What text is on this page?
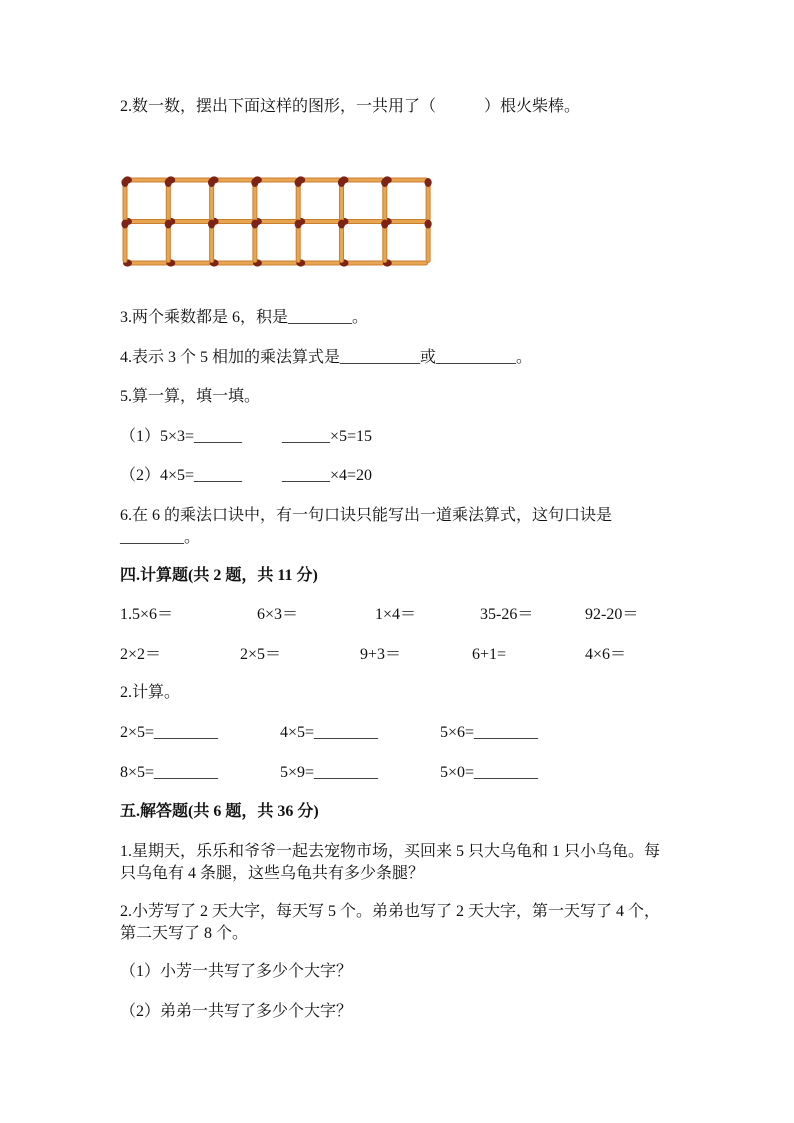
2.数一数，摆出下面这样的图形，一共用了（　　　）根火柴棒。
3.两个乘数都是 6，积是________。
4.表示 3 个 5 相加的乘法算式是__________或__________。
5.算一算，填一填。
（1）5×3=______ ______×5=15
（2）4×5=______ ______×4=20
6.在 6 的乘法口诀中，有一句口诀只能写出一道乘法算式，这句口诀是
________。
四.计算题(共 2 题，共 11 分)
1.5×6＝	6×3＝	1×4＝	35-26＝	92-20＝
2×2＝	2×5＝	9+3＝	6+1=	4×6＝
2.计算。
2×5=________	4×5=________	5×6=________
8×5=________	5×9=________	5×0=________
五.解答题(共 6 题，共 36 分)
1.星期天，乐乐和爷爷一起去宠物市场，买回来 5 只大乌龟和 1 只小乌龟。每
只乌龟有 4 条腿，这些乌龟共有多少条腿？
2.小芳写了 2 天大字，每天写 5 个。弟弟也写了 2 天大字，第一天写了 4 个，
第二天写了 8 个。
（1）小芳一共写了多少个大字？
（2）弟弟一共写了多少个大字？
